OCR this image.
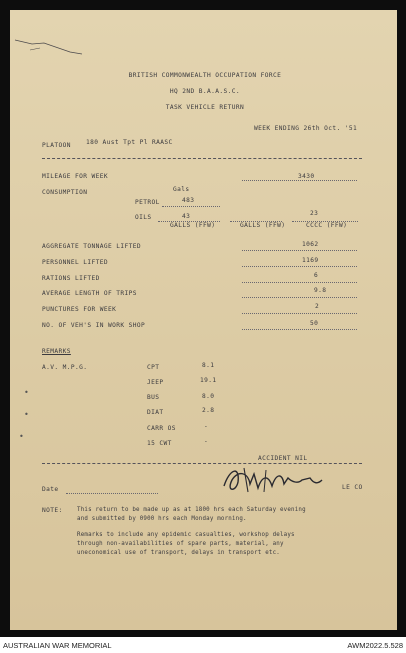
BRITISH COMMONWEALTH OCCUPATION FORCE
HQ 2ND B.A.A.S.C.
TASK VEHICLE RETURN
WEEK ENDING 26th Oct. '51
PLATOON 180 Aust Tpt Pl RAASC
MILEAGE FOR WEEK	3430
CONSUMPTION	Gals
PETROL	483
OILS	43	23
GALLS (FFW)	GALLS (FFW)	CCCC (FFW)
AGGREGATE TONNAGE LIFTED	1062
PERSONNEL LIFTED	1169
RATIONS LIFTED	6
AVERAGE LENGTH OF TRIPS	9.8
PUNCTURES FOR WEEK	2
NO. OF VEH'S IN WORK SHOP	50
REMARKS
A.V. M.P.G.	CPT	8.1
JEEP	19.1
BUS	8.0
DIAT	2.8
CARR OS	-
15 CWT	-
•
•
•
ACCIDENT NIL
LE CO
Date
NOTE: This return to be made up as at 1800 hrs each Saturday evening
and submitted by 0900 hrs each Monday morning.
Remarks to include any epidemic casualties, workshop delays
through non-availabilities of spare parts, material, any
uneconomical use of transport, delays in transport etc.
AUSTRALIAN WAR MEMORIAL	AWM2022.5.528
